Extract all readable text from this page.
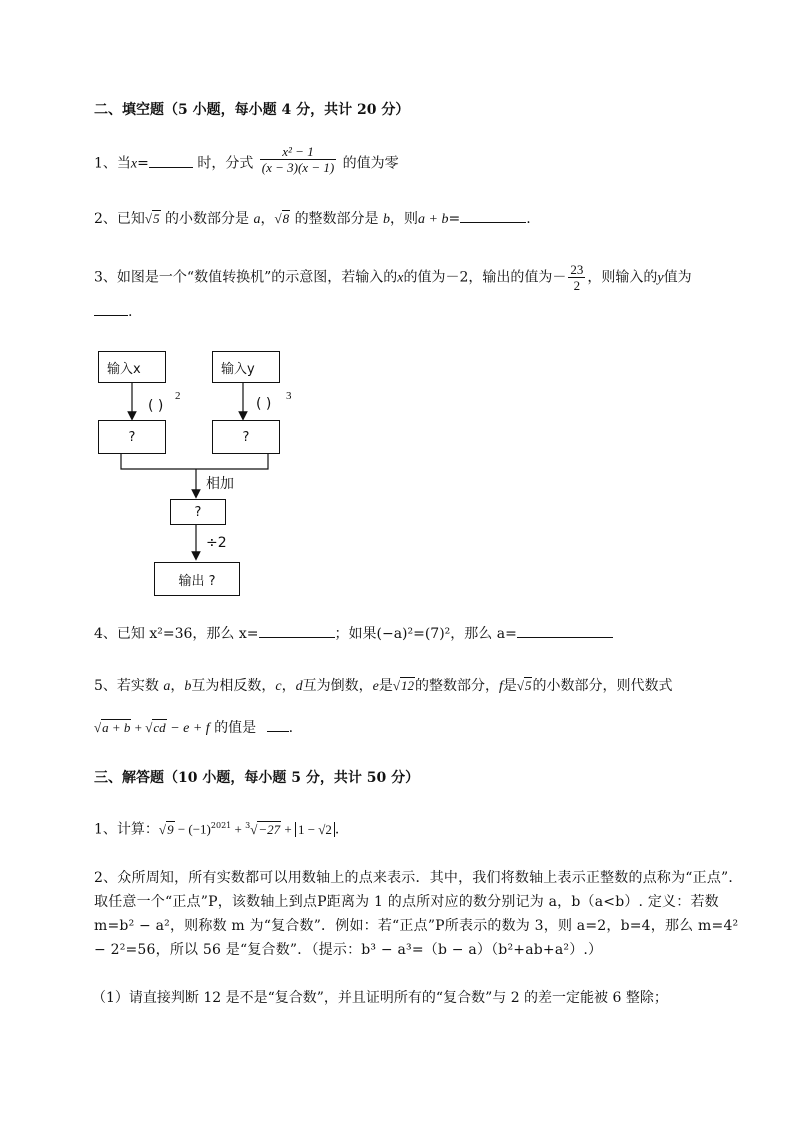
二、填空题（5 小题，每小题 4 分，共计 20 分）
1、当x=	时，分式 $\frac{\text{x² − 1}}{(x - 3)(x - 1)}$ 的值为零
2、已知√5 的小数部分是 a，√8 的整数部分是 b，则a + b=	.
3、如图是一个“数值转换机”的示意图，若输入的x的值为－2，输出的值为－ $\frac{23}{2}$ ，则输入的y值为
.
输入x	输入y
( )
2	( ) 3
?	?
相加
?
÷2
输出 ?
4、已知 x²=36，那么 x=	；如果(−a)²=(7)²，那么 a=
5、若实数 a，b互为相反数，c，d互为倒数，e是√12的整数部分，f是√5的小数部分，则代数式
√a + b + √cd − e + f 的值是 .
三、解答题（10 小题，每小题 5 分，共计 50 分）
1、计算：$√9 - (-1)^{2021} + ^3√-27 + 1 - √2$ .
2、众所周知，所有实数都可以用数轴上的点来表示．其中，我们将数轴上表示正整数的点称为“正点”．取任意一个“正点”P，该数轴上到点P距离为 1 的点所对应的数分别记为 a，b（a<b）. 定义：若数 m=b² − a²，则称数 m 为“复合数”．例如：若“正点”P所表示的数为 3，则 a=2，b=4，那么 m=4² − 2²=56，所以 56 是“复合数”．（提示：b³ − a³=（b − a）（b²+ab+a²）.）
（1）请直接判断 12 是不是“复合数”，并且证明所有的“复合数”与 2 的差一定能被 6 整除；
